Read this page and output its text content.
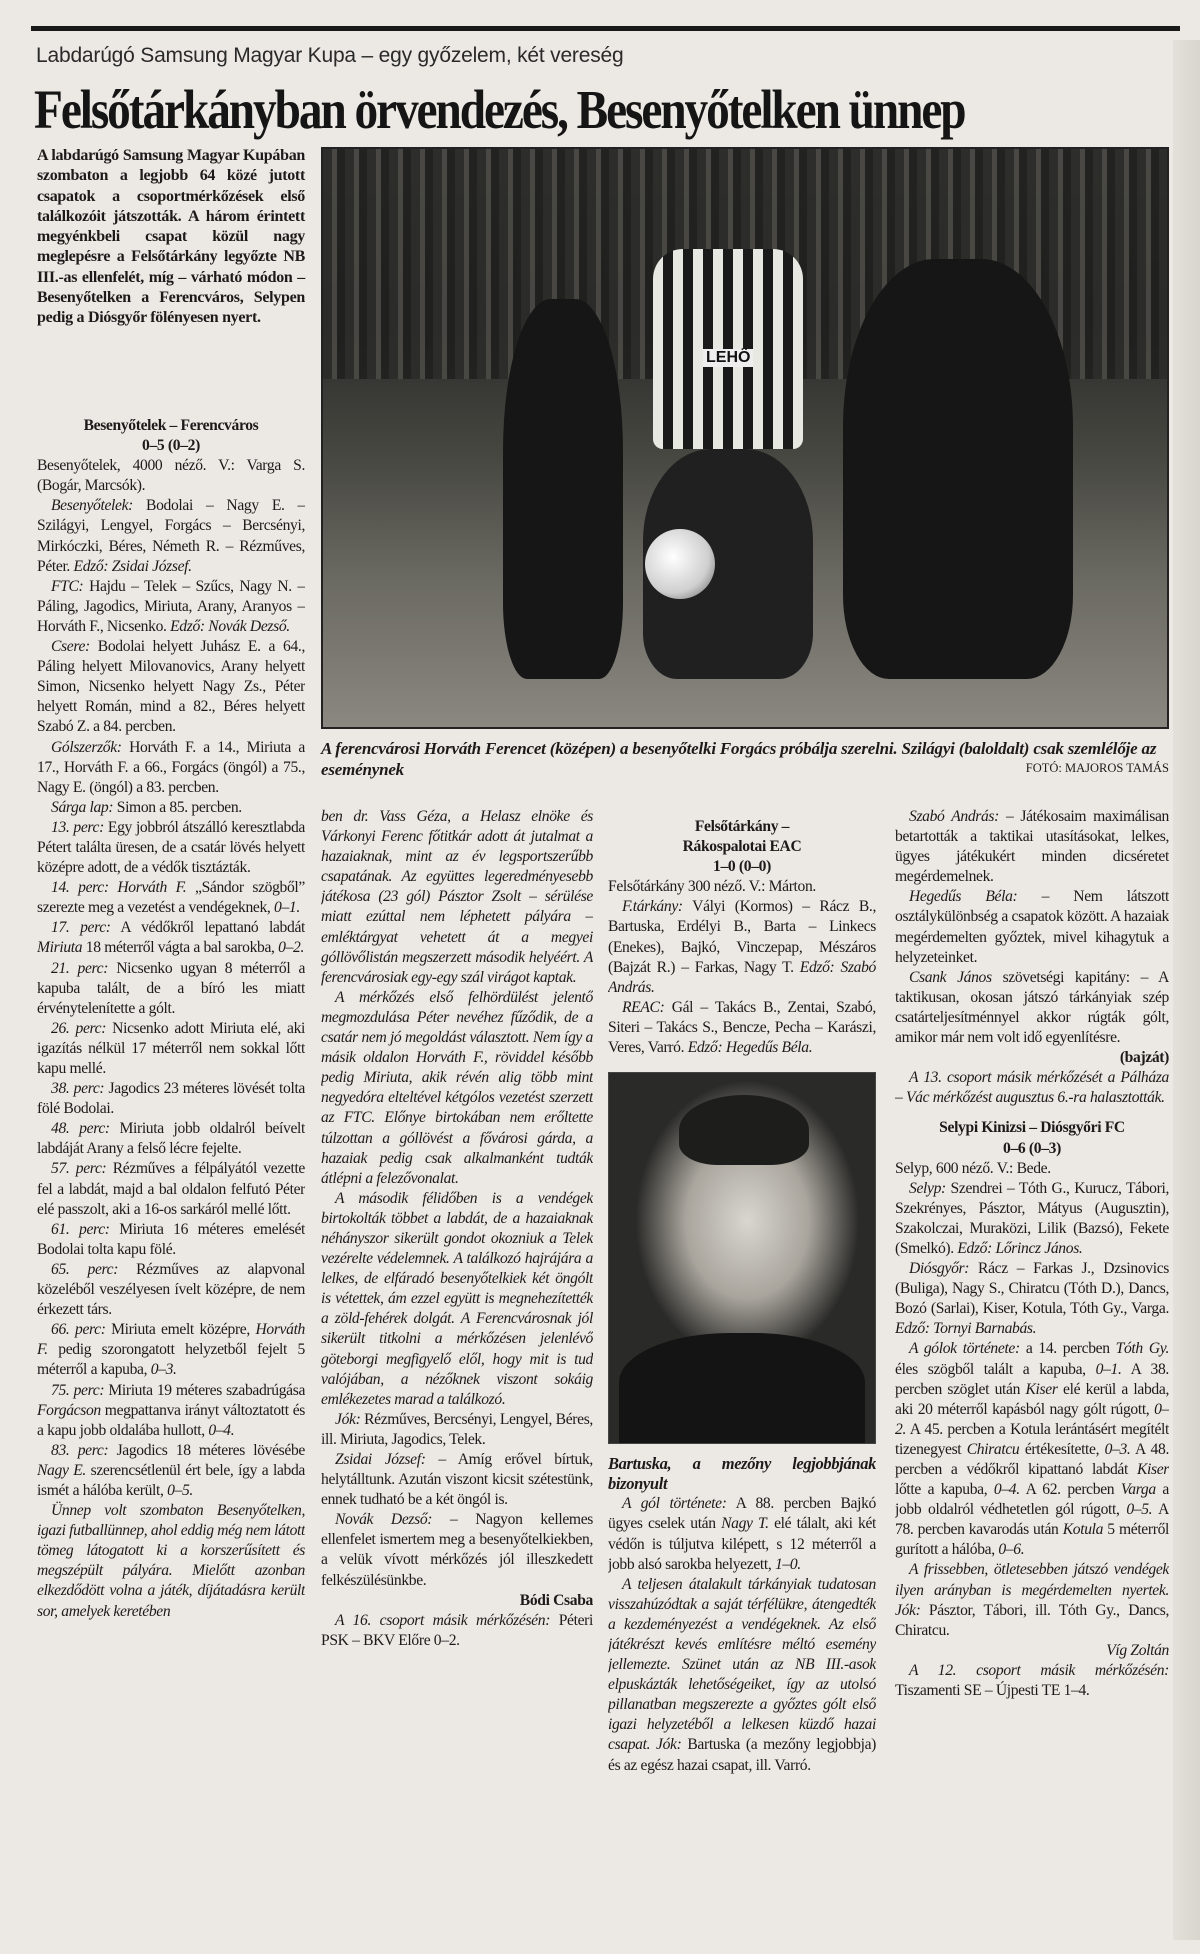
Labdarúgó Samsung Magyar Kupa – egy győzelem, két vereség
Felsőtárkányban örvendezés, Besenyőtelken ünnep
A labdarúgó Samsung Magyar Kupában szombaton a legjobb 64 közé jutott csapatok a csoportmérkőzések első találkozóit játszották. A három érintett megyénkbeli csapat közül nagy meglepésre a Felsőtárkány legyőzte NB III.-as ellenfelét, míg – várható módon – Besenyőtelken a Ferencváros, Selypen pedig a Diósgyőr fölényesen nyert.
LEHÖ
A ferencvárosi Horváth Ferencet (középen) a besenyőtelki Forgács próbálja szerelni. Szilágyi (baloldalt) csak szemlélője az eseménynek	FOTÓ: MAJOROS TAMÁS

Besenyőtelek – Ferencváros
0–5 (0–2)

Besenyőtelek, 4000 néző. V.: Varga S. (Bogár, Marcsók).

Besenyőtelek: Bodolai – Nagy E. – Szilágyi, Lengyel, Forgács – Bercsényi, Mirkóczki, Béres, Németh R. – Rézműves, Péter. Edző: Zsidai József.

FTC: Hajdu – Telek – Szűcs, Nagy N. – Páling, Jagodics, Miriuta, Arany, Aranyos – Horváth F., Nicsenko. Edző: Novák Dezső.

Csere: Bodolai helyett Juhász E. a 64., Páling helyett Milovanovics, Arany helyett Simon, Nicsenko helyett Nagy Zs., Péter helyett Román, mind a 82., Béres helyett Szabó Z. a 84. percben.

Gólszerzők: Horváth F. a 14., Miriuta a 17., Horváth F. a 66., Forgács (öngól) a 75., Nagy E. (öngól) a 83. percben.

Sárga lap: Simon a 85. percben.

13. perc: Egy jobbról átszálló keresztlabda Pétert találta üresen, de a csatár lövés helyett középre adott, de a védők tisztázták.

14. perc: Horváth F. „Sándor szögből” szerezte meg a vezetést a vendégeknek, 0–1.

17. perc: A védőkről lepattanó labdát Miriuta 18 méterről vágta a bal sarokba, 0–2.

21. perc: Nicsenko ugyan 8 méterről a kapuba talált, de a bíró les miatt érvénytelenítette a gólt.

26. perc: Nicsenko adott Miriuta elé, aki igazítás nélkül 17 méterről nem sokkal lőtt kapu mellé.

38. perc: Jagodics 23 méteres lövését tolta fölé Bodolai.

48. perc: Miriuta jobb oldalról beívelt labdáját Arany a felső lécre fejelte.

57. perc: Rézműves a félpályától vezette fel a labdát, majd a bal oldalon felfutó Péter elé passzolt, aki a 16-os sarkáról mellé lőtt.

61. perc: Miriuta 16 méteres emelését Bodolai tolta kapu fölé.

65. perc: Rézműves az alapvonal közeléből veszélyesen ívelt középre, de nem érkezett társ.

66. perc: Miriuta emelt középre, Horváth F. pedig szorongatott helyzetből fejelt 5 méterről a kapuba, 0–3.

75. perc: Miriuta 19 méteres szabadrúgása Forgácson megpattanva irányt változtatott és a kapu jobb oldalába hullott, 0–4.

83. perc: Jagodics 18 méteres lövésébe Nagy E. szerencsétlenül ért bele, így a labda ismét a hálóba került, 0–5.

Ünnep volt szombaton Besenyőtelken, igazi futballünnep, ahol eddig még nem látott tömeg látogatott ki a korszerűsített és megszépült pályára. Mielőtt azonban elkezdődött volna a játék, díjátadásra került sor, amelyek keretében

ben dr. Vass Géza, a Helasz elnöke és Várkonyi Ferenc főtitkár adott át jutalmat a hazaiaknak, mint az év legsportszerűbb csapatának. Az együttes legeredményesebb játékosa (23 gól) Pásztor Zsolt – sérülése miatt ezúttal nem léphetett pályára – emléktárgyat vehetett át a megyei góllövőlistán megszerzett második helyéért. A ferencvárosiak egy-egy szál virágot kaptak.

A mérkőzés első felhördülést jelentő megmozdulása Péter nevéhez fűződik, de a csatár nem jó megoldást választott. Nem így a másik oldalon Horváth F., röviddel később pedig Miriuta, akik révén alig több mint negyedóra elteltével kétgólos vezetést szerzett az FTC. Előnye birtokában nem erőltette túlzottan a góllövést a fővárosi gárda, a hazaiak pedig csak alkalmanként tudták átlépni a felezővonalat.

A második félidőben is a vendégek birtokolták többet a labdát, de a hazaiaknak néhányszor sikerült gondot okozniuk a Telek vezérelte védelemnek. A találkozó hajrájára a lelkes, de elfáradó besenyőtelkiek két öngólt is vétettek, ám ezzel együtt is megnehezítették a zöld-fehérek dolgát. A Ferencvárosnak jól sikerült titkolni a mérkőzésen jelenlévő göteborgi megfigyelő elől, hogy mit is tud valójában, a nézőknek viszont sokáig emlékezetes marad a találkozó.

Jók: Rézműves, Bercsényi, Lengyel, Béres, ill. Miriuta, Jagodics, Telek.

Zsidai József: – Amíg erővel bírtuk, helytálltunk. Azután viszont kicsit szétestünk, ennek tudható be a két öngól is.

Novák Dezső: – Nagyon kellemes ellenfelet ismertem meg a besenyőtelkiekben, a velük vívott mérkőzés jól illeszkedett felkészülésünkbe.

Bódi Csaba

A 16. csoport másik mérkőzésén: Péteri PSK – BKV Előre 0–2.

Felsőtárkány –
Rákospalotai EAC
1–0 (0–0)

Felsőtárkány 300 néző. V.: Márton.

F.tárkány: Vályi (Kormos) – Rácz B., Bartuska, Erdélyi B., Barta – Linkecs (Enekes), Bajkó, Vinczepap, Mészáros (Bajzát R.) – Farkas, Nagy T. Edző: Szabó András.

REAC: Gál – Takács B., Zentai, Szabó, Siteri – Takács S., Bencze, Pecha – Karászi, Veres, Varró. Edző: Hegedűs Béla.

Bartuska, a mezőny legjobbjának bizonyult

A gól története: A 88. percben Bajkó ügyes cselek után Nagy T. elé tálalt, aki két védőn is túljutva kilépett, s 12 méterről a jobb alsó sarokba helyezett, 1–0.

A teljesen átalakult tárkányiak tudatosan visszahúzódtak a saját térfélükre, átengedték a kezdeményezést a vendégeknek. Az első játékrészt kevés említésre méltó esemény jellemezte. Szünet után az NB III.-asok elpuskázták lehetőségeiket, így az utolsó pillanatban megszerezte a győztes gólt első igazi helyzetéből a lelkesen küzdő hazai csapat. Jók: Bartuska (a mezőny legjobbja) és az egész hazai csapat, ill. Varró.

Szabó András: – Játékosaim maximálisan betartották a taktikai utasításokat, lelkes, ügyes játékukért minden dicséretet megérdemelnek.

Hegedűs Béla: – Nem látszott osztálykülönbség a csapatok között. A hazaiak megérdemelten győztek, mivel kihagytuk a helyzeteinket.

Csank János szövetségi kapitány: – A taktikusan, okosan játszó tárkányiak szép csatárteljesítménnyel akkor rúgták gólt, amikor már nem volt idő egyenlítésre.

(bajzát)

A 13. csoport másik mérkőzését a Pálháza – Vác mérkőzést augusztus 6.-ra halasztották.

Selypi Kinizsi – Diósgyőri FC
0–6 (0–3)

Selyp, 600 néző. V.: Bede.

Selyp: Szendrei – Tóth G., Kurucz, Tábori, Szekrényes, Pásztor, Mátyus (Augusztin), Szakolczai, Muraközi, Lilik (Bazsó), Fekete (Smelkó). Edző: Lőrincz János.

Diósgyőr: Rácz – Farkas J., Dzsinovics (Buliga), Nagy S., Chiratcu (Tóth D.), Dancs, Bozó (Sarlai), Kiser, Kotula, Tóth Gy., Varga. Edző: Tornyi Barnabás.

A gólok története: a 14. percben Tóth Gy. éles szögből talált a kapuba, 0–1. A 38. percben szöglet után Kiser elé kerül a labda, aki 20 méterről kapásból nagy gólt rúgott, 0–2. A 45. percben a Kotula lerántásért megítélt tizenegyest Chiratcu értékesítette, 0–3. A 48. percben a védőkről kipattanó labdát Kiser lőtte a kapuba, 0–4. A 62. percben Varga a jobb oldalról védhetetlen gól rúgott, 0–5. A 78. percben kavarodás után Kotula 5 méterről gurított a hálóba, 0–6.

A frissebben, ötletesebben játszó vendégek ilyen arányban is megérdemelten nyertek. Jók: Pásztor, Tábori, ill. Tóth Gy., Dancs, Chiratcu.

Víg Zoltán

A 12. csoport másik mérkőzésén: Tiszamenti SE – Újpesti TE 1–4.
